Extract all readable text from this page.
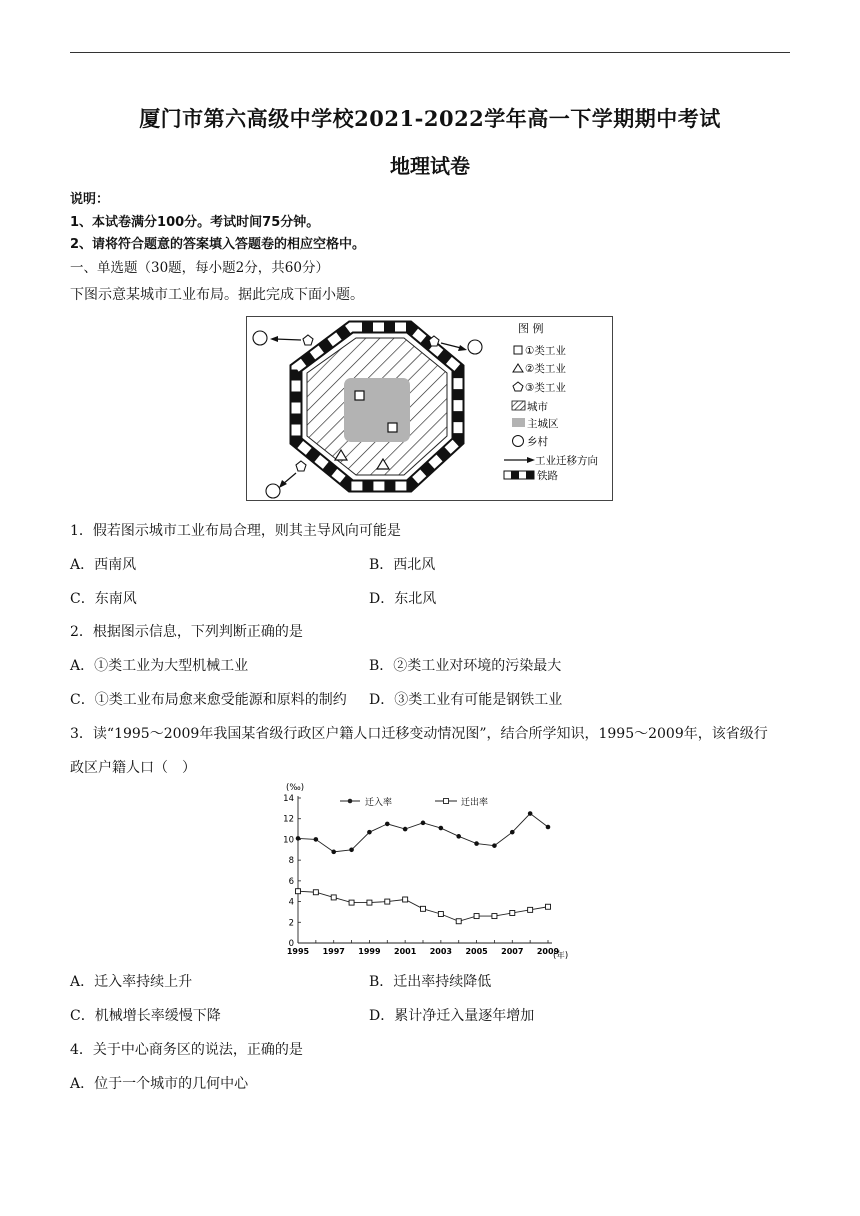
厦门市第六高级中学校2021-2022学年高一下学期期中考试
地理试卷
说明：
1、本试卷满分100分。考试时间75分钟。
2、请将符合题意的答案填入答题卷的相应空格中。
一、单选题（30题，每小题2分，共60分）
下图示意某城市工业布局。据此完成下面小题。
图 例
①类工业
②类工业
③类工业
城市
主城区
乡村
工业迁移方向
铁路
1．假若图示城市工业布局合理，则其主导风向可能是
A．西南风	B．西北风
C．东南风	D．东北风
2．根据图示信息，下列判断正确的是
A．①类工业为大型机械工业	B．②类工业对环境的污染最大
C．①类工业布局愈来愈受能源和原料的制约 D．③类工业有可能是钢铁工业
3．读“1995～2009年我国某省级行政区户籍人口迁移变动情况图”，结合所学知识，1995～2009年，该省级行
政区户籍人口（　）
(‰)
(年)
0
2
4
6
8
10
12
14
1995 1997 1999 2001 2003 2005 2007 2009
迁入率	迁出率
A．迁入率持续上升	B．迁出率持续降低
C．机械增长率缓慢下降	D．累计净迁入量逐年增加
4．关于中心商务区的说法，正确的是
A．位于一个城市的几何中心
